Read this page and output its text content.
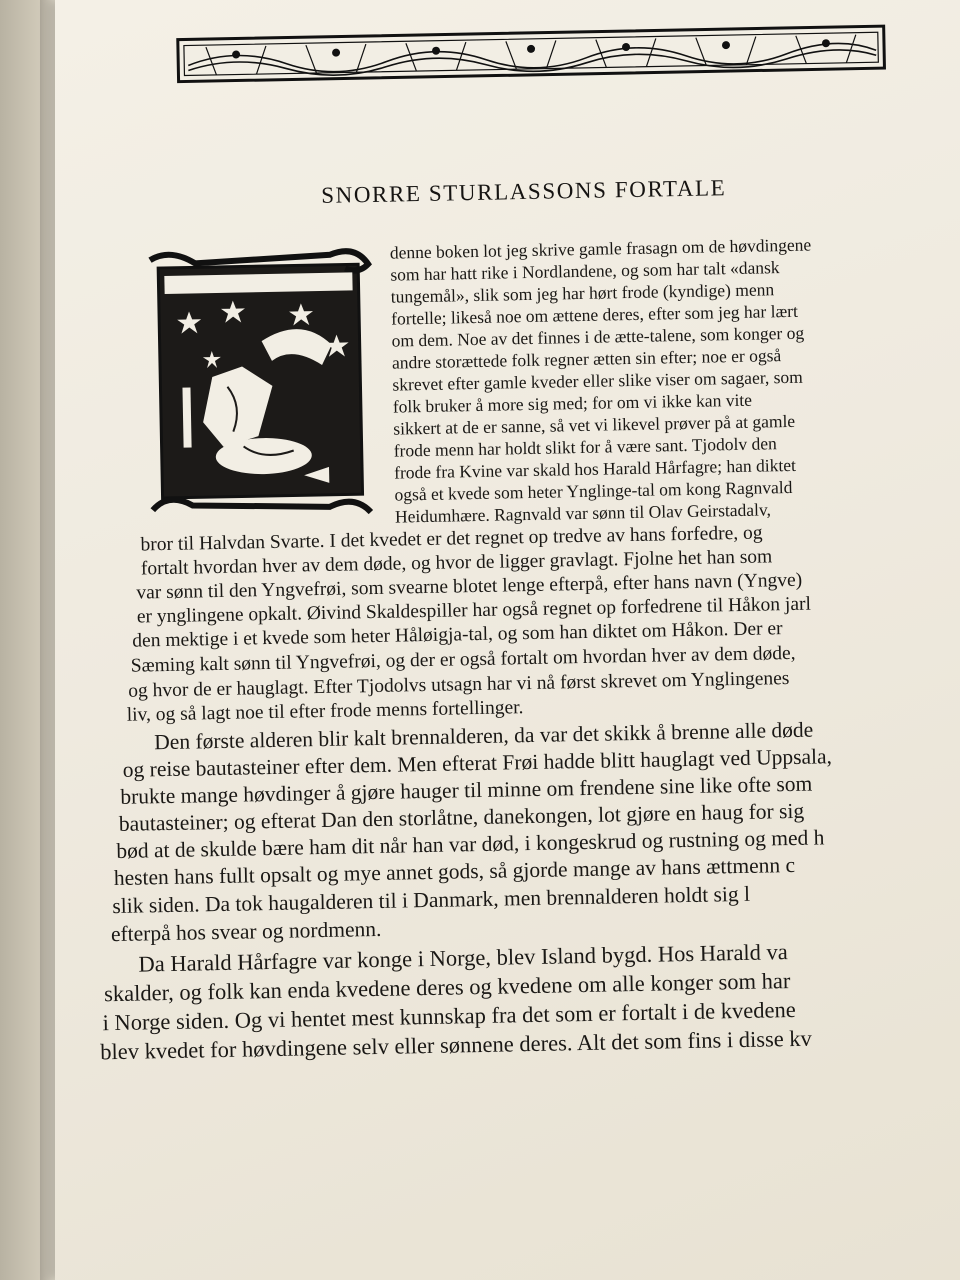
SNORRE STURLASSONS FORTALE
denne boken lot jeg skrive gamle frasagn om de høvdingene
som har hatt rike i Nordlandene, og som har talt «dansk
tungemål», slik som jeg har hørt frode (kyndige) menn
fortelle; likeså noe om ættene deres, efter som jeg har lært
om dem. Noe av det finnes i de ætte-talene, som konger og
andre storættede folk regner ætten sin efter; noe er også
skrevet efter gamle kveder eller slike viser om sagaer, som
folk bruker å more sig med; for om vi ikke kan vite
sikkert at de er sanne, så vet vi likevel prøver på at gamle
frode menn har holdt slikt for å være sant. Tjodolv den
frode fra Kvine var skald hos Harald Hårfagre; han diktet
også et kvede som heter Ynglinge-tal om kong Ragnvald
Heidumhære. Ragnvald var sønn til Olav Geirstadalv,
bror til Halvdan Svarte. I det kvedet er det regnet op tredve av hans forfedre, og
fortalt hvordan hver av dem døde, og hvor de ligger gravlagt. Fjolne het han som
var sønn til den Yngvefrøi, som svearne blotet lenge efterpå, efter hans navn (Yngve)
er ynglingene opkalt. Øivind Skaldespiller har også regnet op forfedrene til Håkon jarl
den mektige i et kvede som heter Håløigja-tal, og som han diktet om Håkon. Der er
Sæming kalt sønn til Yngvefrøi, og der er også fortalt om hvordan hver av dem døde,
og hvor de er hauglagt. Efter Tjodolvs utsagn har vi nå først skrevet om Ynglingenes
liv, og så lagt noe til efter frode menns fortellinger.
Den første alderen blir kalt brennalderen, da var det skikk å brenne alle døde
og reise bautasteiner efter dem. Men efterat Frøi hadde blitt hauglagt ved Uppsala,
brukte mange høvdinger å gjøre hauger til minne om frendene sine like ofte som
bautasteiner; og efterat Dan den storlåtne, danekongen, lot gjøre en haug for sig
bød at de skulde bære ham dit når han var død, i kongeskrud og rustning og med h
hesten hans fullt opsalt og mye annet gods, så gjorde mange av hans ættmenn c
slik siden. Da tok haugalderen til i Danmark, men brennalderen holdt sig l
efterpå hos svear og nordmenn.
Da Harald Hårfagre var konge i Norge, blev Island bygd. Hos Harald va
skalder, og folk kan enda kvedene deres og kvedene om alle konger som har
i Norge siden. Og vi hentet mest kunnskap fra det som er fortalt i de kvedene
blev kvedet for høvdingene selv eller sønnene deres. Alt det som fins i disse kv
